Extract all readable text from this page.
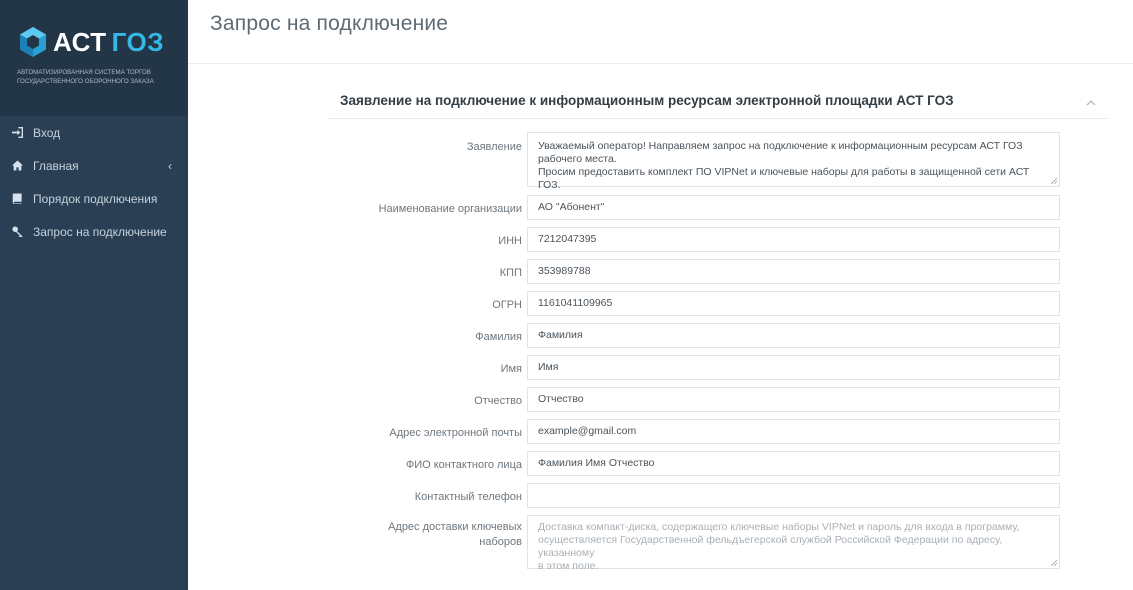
АСТ ГОЗ
АВТОМАТИЗИРОВАННАЯ СИСТЕМА ТОРГОВ ГОСУДАРСТВЕННОГО ОБОРОННОГО ЗАКАЗА
Вход
Главная	‹
Порядок подключения
Запрос на подключение
Запрос на подключение
Заявление на подключение к информационным ресурсам электронной площадки АСТ ГОЗ
Заявление Уважаемый оператор! Направляем запрос на подключение к информационным ресурсам АСТ ГОЗ
рабочего места.
Просим предоставить комплект ПО VIPNet и ключевые наборы для работы в защищенной сети АСТ ГОЗ.
Наименование организации	АО "Абонент"
ИНН	7212047395
КПП	353989788
ОГРН	1161041109965
Фамилия	Фамилия
Имя	Имя
Отчество	Отчество
Адрес электронной почты	example@gmail.com
ФИО контактного лица	Фамилия Имя Отчество
Контактный телефон
Адрес доставки ключевых
наборов
Доставка компакт-диска, содержащего ключевые наборы VIPNet и пароль для входа в программу,
осуществляется Государственной фельдъегерской службой Российской Федерации по адресу, указанному
в этом поле.
